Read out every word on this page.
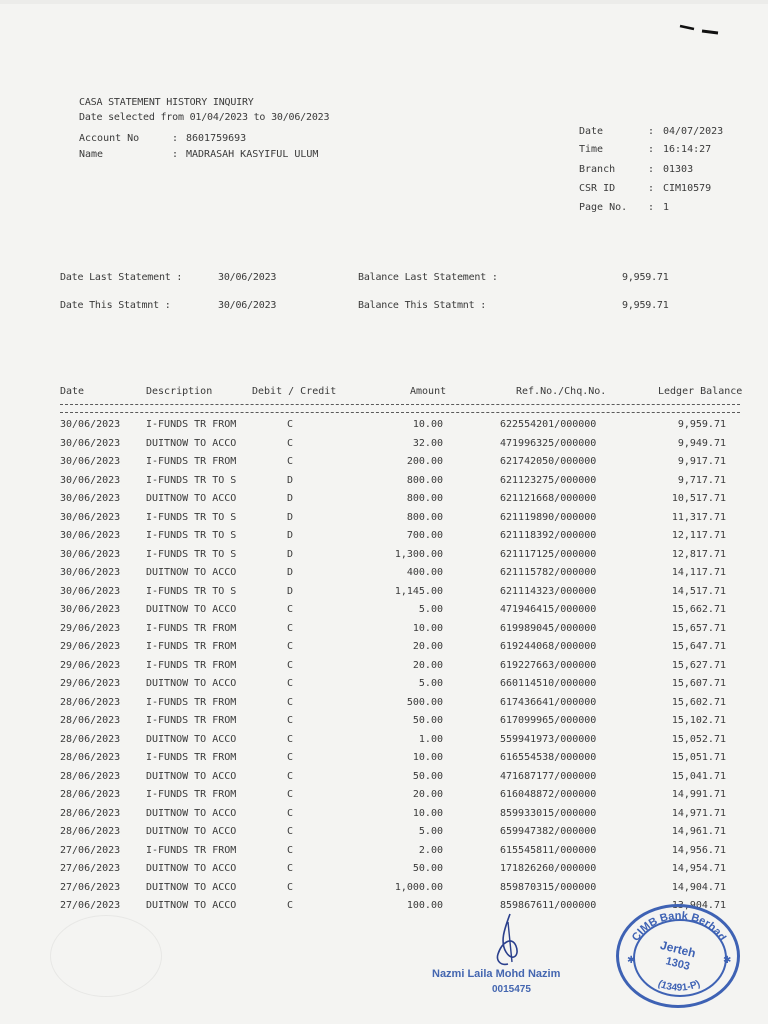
CASA STATEMENT HISTORY INQUIRY
Date selected from 01/04/2023 to 30/06/2023
Account No	: 8601759693
Name	: MADRASAH KASYIFUL ULUM
Date	: 04/07/2023
Time	: 16:14:27
Branch	: 01303
CSR ID	: CIM10579
Page No. : 1
Date Last Statement :	30/06/2023	Balance Last Statement :	9,959.71
Date This Statmnt :	30/06/2023	Balance This Statmnt :	9,959.71
Date	Description	Debit / Credit	Amount	Ref.No./Chq.No.	Ledger Balance
30/06/2023	I-FUNDS TR FROM	C	10.00	622554201/000000	9,959.71
30/06/2023	DUITNOW TO ACCO	C	32.00	471996325/000000	9,949.71
30/06/2023	I-FUNDS TR FROM	C	200.00	621742050/000000	9,917.71
30/06/2023	I-FUNDS TR TO S	D	800.00	621123275/000000	9,717.71
30/06/2023	DUITNOW TO ACCO	D	800.00	621121668/000000	10,517.71
30/06/2023	I-FUNDS TR TO S	D	800.00	621119890/000000	11,317.71
30/06/2023	I-FUNDS TR TO S	D	700.00	621118392/000000	12,117.71
30/06/2023	I-FUNDS TR TO S	D	1,300.00	621117125/000000	12,817.71
30/06/2023	DUITNOW TO ACCO	D	400.00	621115782/000000	14,117.71
30/06/2023	I-FUNDS TR TO S	D	1,145.00	621114323/000000	14,517.71
30/06/2023	DUITNOW TO ACCO	C	5.00	471946415/000000	15,662.71
29/06/2023	I-FUNDS TR FROM	C	10.00	619989045/000000	15,657.71
29/06/2023	I-FUNDS TR FROM	C	20.00	619244068/000000	15,647.71
29/06/2023	I-FUNDS TR FROM	C	20.00	619227663/000000	15,627.71
29/06/2023	DUITNOW TO ACCO	C	5.00	660114510/000000	15,607.71
28/06/2023	I-FUNDS TR FROM	C	500.00	617436641/000000	15,602.71
28/06/2023	I-FUNDS TR FROM	C	50.00	617099965/000000	15,102.71
28/06/2023	DUITNOW TO ACCO	C	1.00	559941973/000000	15,052.71
28/06/2023	I-FUNDS TR FROM	C	10.00	616554538/000000	15,051.71
28/06/2023	DUITNOW TO ACCO	C	50.00	471687177/000000	15,041.71
28/06/2023	I-FUNDS TR FROM	C	20.00	616048872/000000	14,991.71
28/06/2023	DUITNOW TO ACCO	C	10.00	859933015/000000	14,971.71
28/06/2023	DUITNOW TO ACCO	C	5.00	659947382/000000	14,961.71
27/06/2023	I-FUNDS TR FROM	C	2.00	615545811/000000	14,956.71
27/06/2023	DUITNOW TO ACCO	C	50.00	171826260/000000	14,954.71
27/06/2023	DUITNOW TO ACCO	C	1,000.00	859870315/000000	14,904.71
27/06/2023	DUITNOW TO ACCO	C	100.00	859867611/000000	13,904.71
Nazmi Laila Mohd Nazim
0015475
CIMB Bank Berhad
(13491-P)
Jerteh
1303
✱	✱
